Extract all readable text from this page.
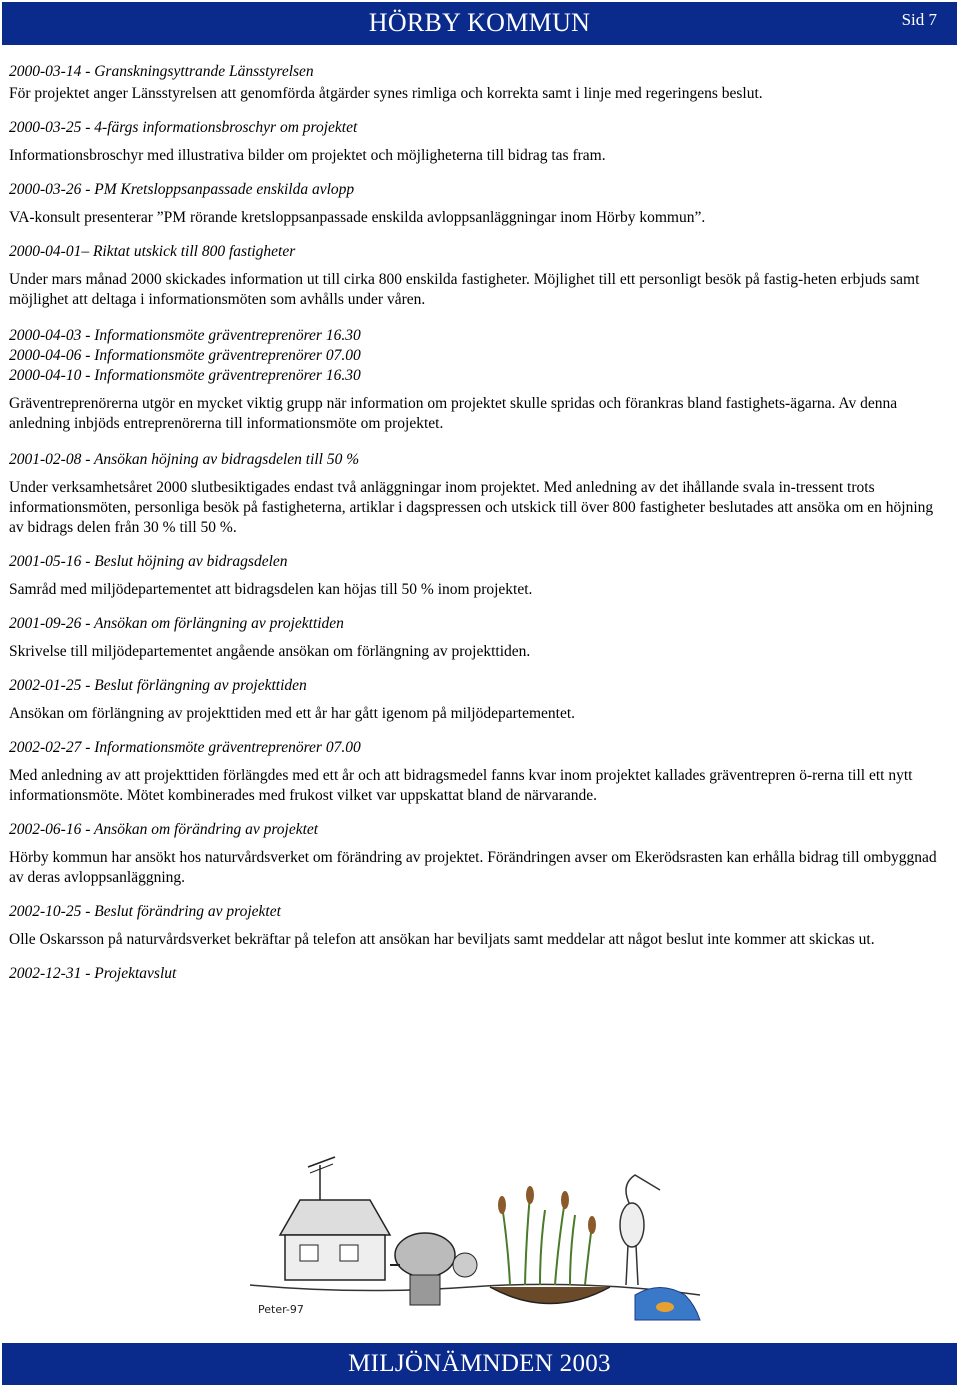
HÖRBY KOMMUN	Sid 7

2000-03-14 - Granskningsyttrande Länsstyrelsen

För projektet anger Länsstyrelsen att genomförda åtgärder synes rimliga och korrekta samt i linje med regeringens beslut.

2000-03-25 - 4-färgs informationsbroschyr om projektet

Informationsbroschyr med illustrativa bilder om projektet och möjligheterna till bidrag tas fram.

2000-03-26 - PM Kretsloppsanpassade enskilda avlopp

VA-konsult presenterar ”PM rörande kretsloppsanpassade enskilda avloppsanläggningar inom Hörby kommun”.

2000-04-01– Riktat utskick till 800 fastigheter

Under mars månad 2000 skickades information ut till cirka 800 enskilda fastigheter. Möjlighet till ett personligt besök på fastig-heten erbjuds samt möjlighet att deltaga i informationsmöten som avhålls under våren.

2000-04-03 - Informationsmöte gräventreprenörer 16.30

2000-04-06 - Informationsmöte gräventreprenörer 07.00

2000-04-10 - Informationsmöte gräventreprenörer 16.30

Gräventreprenörerna utgör en mycket viktig grupp när information om projektet skulle spridas och förankras bland fastighets-ägarna. Av denna anledning inbjöds entreprenörerna till informationsmöte om projektet.

2001-02-08 - Ansökan höjning av bidragsdelen till 50 %

Under verksamhetsåret 2000 slutbesiktigades endast två anläggningar inom projektet. Med anledning av det ihållande svala in-tressent trots informationsmöten, personliga besök på fastigheterna, artiklar i dagspressen och utskick till över 800 fastigheter beslutades att ansöka om en höjning av bidrags delen från 30 % till 50 %.

2001-05-16 - Beslut höjning av bidragsdelen

Samråd med miljödepartementet att bidragsdelen kan höjas till 50 % inom projektet.

2001-09-26 - Ansökan om förlängning av projekttiden

Skrivelse till miljödepartementet angående ansökan om förlängning av projekttiden.

2002-01-25 - Beslut förlängning av projekttiden

Ansökan om förlängning av projekttiden med ett år har gått igenom på miljödepartementet.

2002-02-27 - Informationsmöte gräventreprenörer 07.00

Med anledning av att projekttiden förlängdes med ett år och att bidragsmedel fanns kvar inom projektet kallades gräventrepren ö-rerna till ett nytt informationsmöte. Mötet kombinerades med frukost vilket var uppskattat bland de närvarande.

2002-06-16 - Ansökan om förändring av projektet

Hörby kommun har ansökt hos naturvårdsverket om förändring av projektet. Förändringen avser om Ekerödsrasten kan erhålla bidrag till ombyggnad av deras avloppsanläggning.

2002-10-25 - Beslut förändring av projektet

Olle Oskarsson på naturvårdsverket bekräftar på telefon att ansökan har beviljats samt meddelar att något beslut inte kommer att skickas ut.

2002-12-31 - Projektavslut

Peter-97
MILJÖNÄMNDEN 2003
